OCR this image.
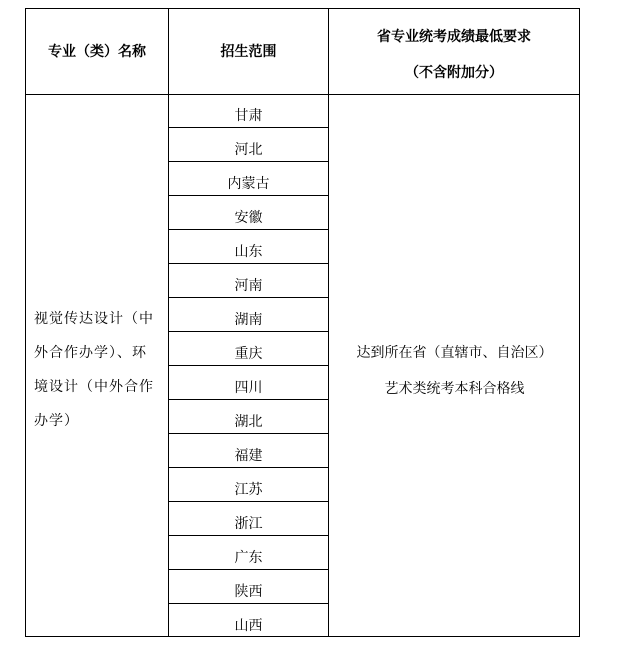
专业（类）名称	招生范围
省专业统考成绩最低要求
（不含附加分）
视觉传达设计（中
外合作办学）、环
境设计（中外合作
办学）
甘肃
河北
内蒙古
安徽
山东
河南
湖南
重庆
四川
湖北
福建
江苏
浙江
广东
陕西
山西
达到所在省（直辖市、自治区）
艺术类统考本科合格线
